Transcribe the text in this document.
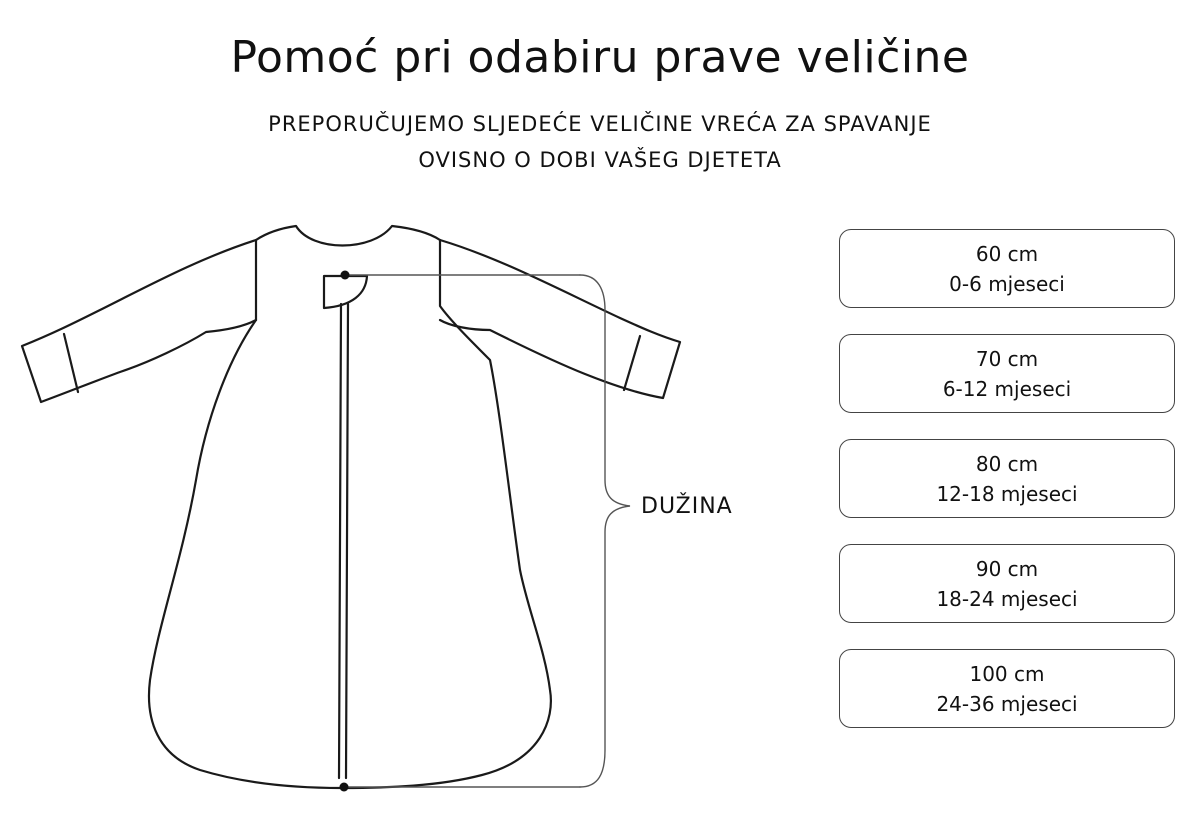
Pomoć pri odabiru prave veličine

PREPORUČUJEMO SLJEDEĆE VELIČINE VREĆA ZA SPAVANJE

OVISNO O DOBI VAŠEG DJETETA

DUŽINA
60 cm
0-6 mjeseci
70 cm
6-12 mjeseci
80 cm
12-18 mjeseci
90 cm
18-24 mjeseci
100 cm
24-36 mjeseci
